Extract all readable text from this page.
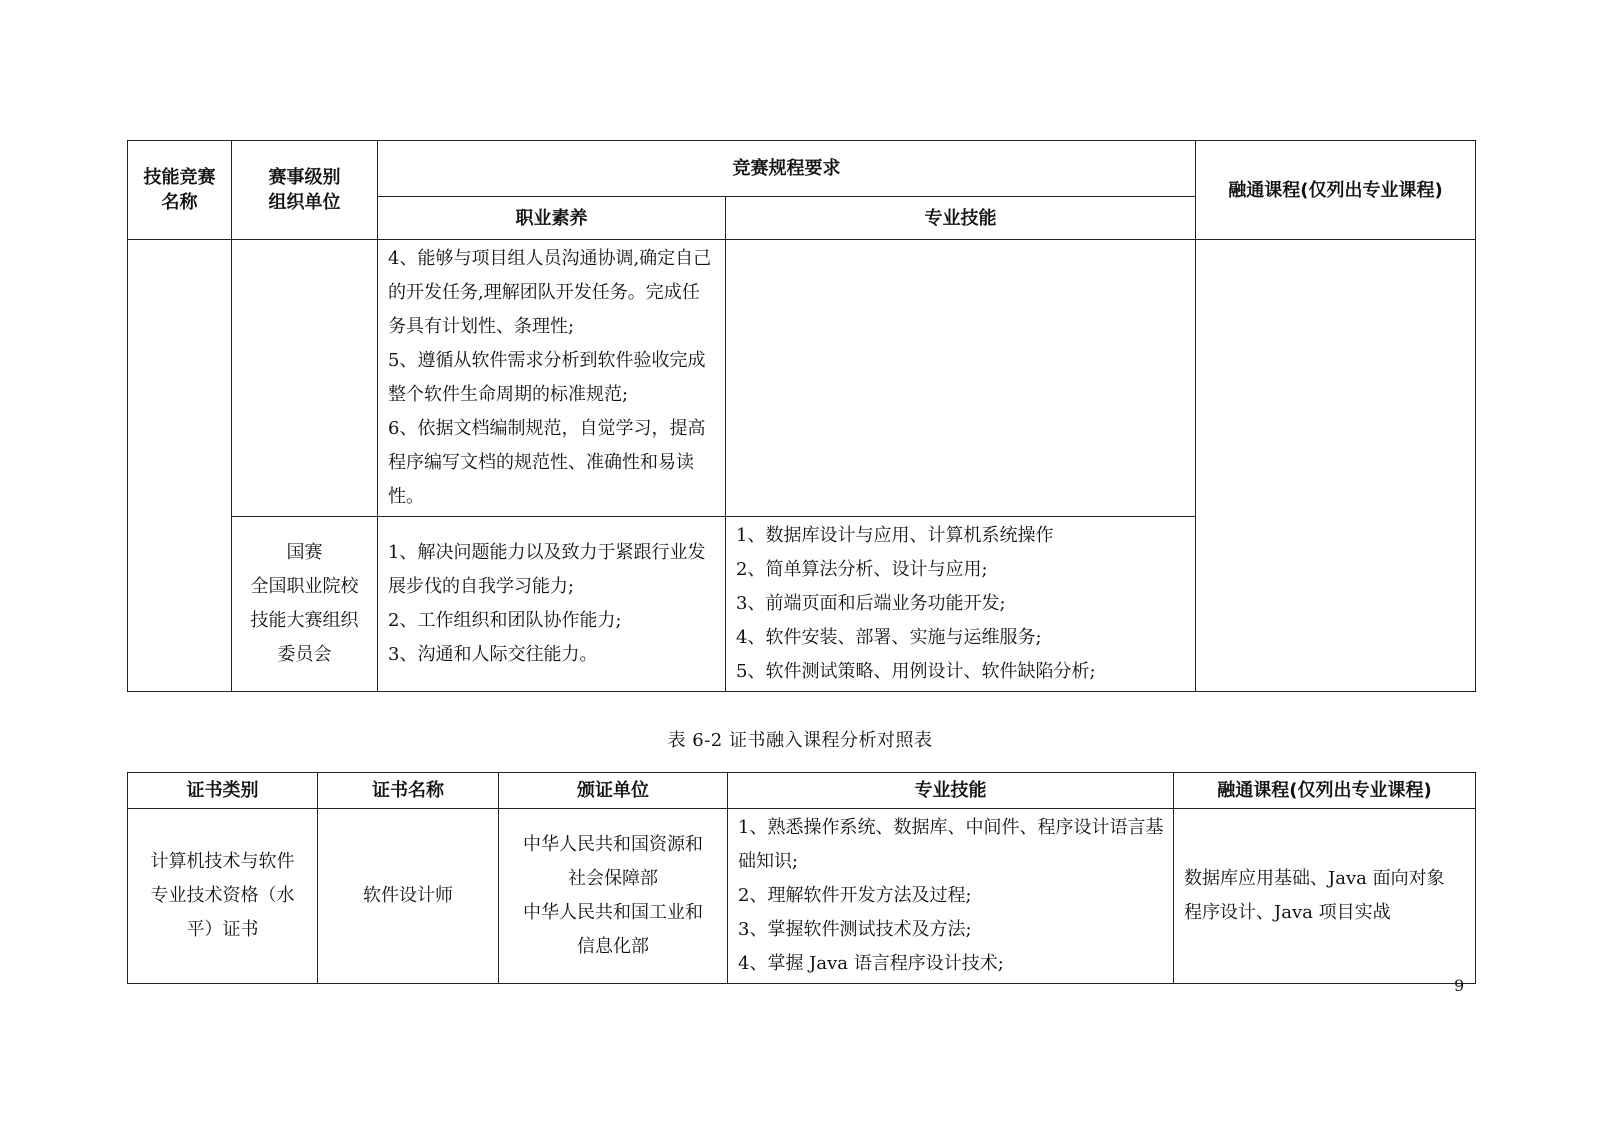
技能竞赛名称	赛事级别组织单位	竞赛规程要求		融通课程(仅列出专业课程)
		职业素养	专业技能	

		4、能够与项目组人员沟通协调,确定自己的开发任务,理解团队开发任务。完成任务具有计划性、条理性;
5、遵循从软件需求分析到软件验收完成整个软件生命周期的标准规范;
6、依据文档编制规范，自觉学习，提高程序编写文档的规范性、准确性和易读性。		

	国赛
全国职业院校
技能大赛组织
委员会	1、解决问题能力以及致力于紧跟行业发展步伐的自我学习能力;
2、工作组织和团队协作能力;
3、沟通和人际交往能力。	1、数据库设计与应用、计算机系统操作
2、简单算法分析、设计与应用;
3、前端页面和后端业务功能开发;
4、软件安装、部署、实施与运维服务;
5、软件测试策略、用例设计、软件缺陷分析;	
表 6-2 证书融入课程分析对照表
证书类别	证书名称	颁证单位	专业技能	融通课程(仅列出专业课程)

计算机技术与软件
专业技术资格（水
平）证书	软件设计师	中华人民共和国资源和
社会保障部
中华人民共和国工业和
信息化部	1、熟悉操作系统、数据库、中间件、程序设计语言基础知识;
2、理解软件开发方法及过程;
3、掌握软件测试技术及方法;
4、掌握 Java 语言程序设计技术;	数据库应用基础、Java 面向对象
程序设计、Java 项目实战
9
